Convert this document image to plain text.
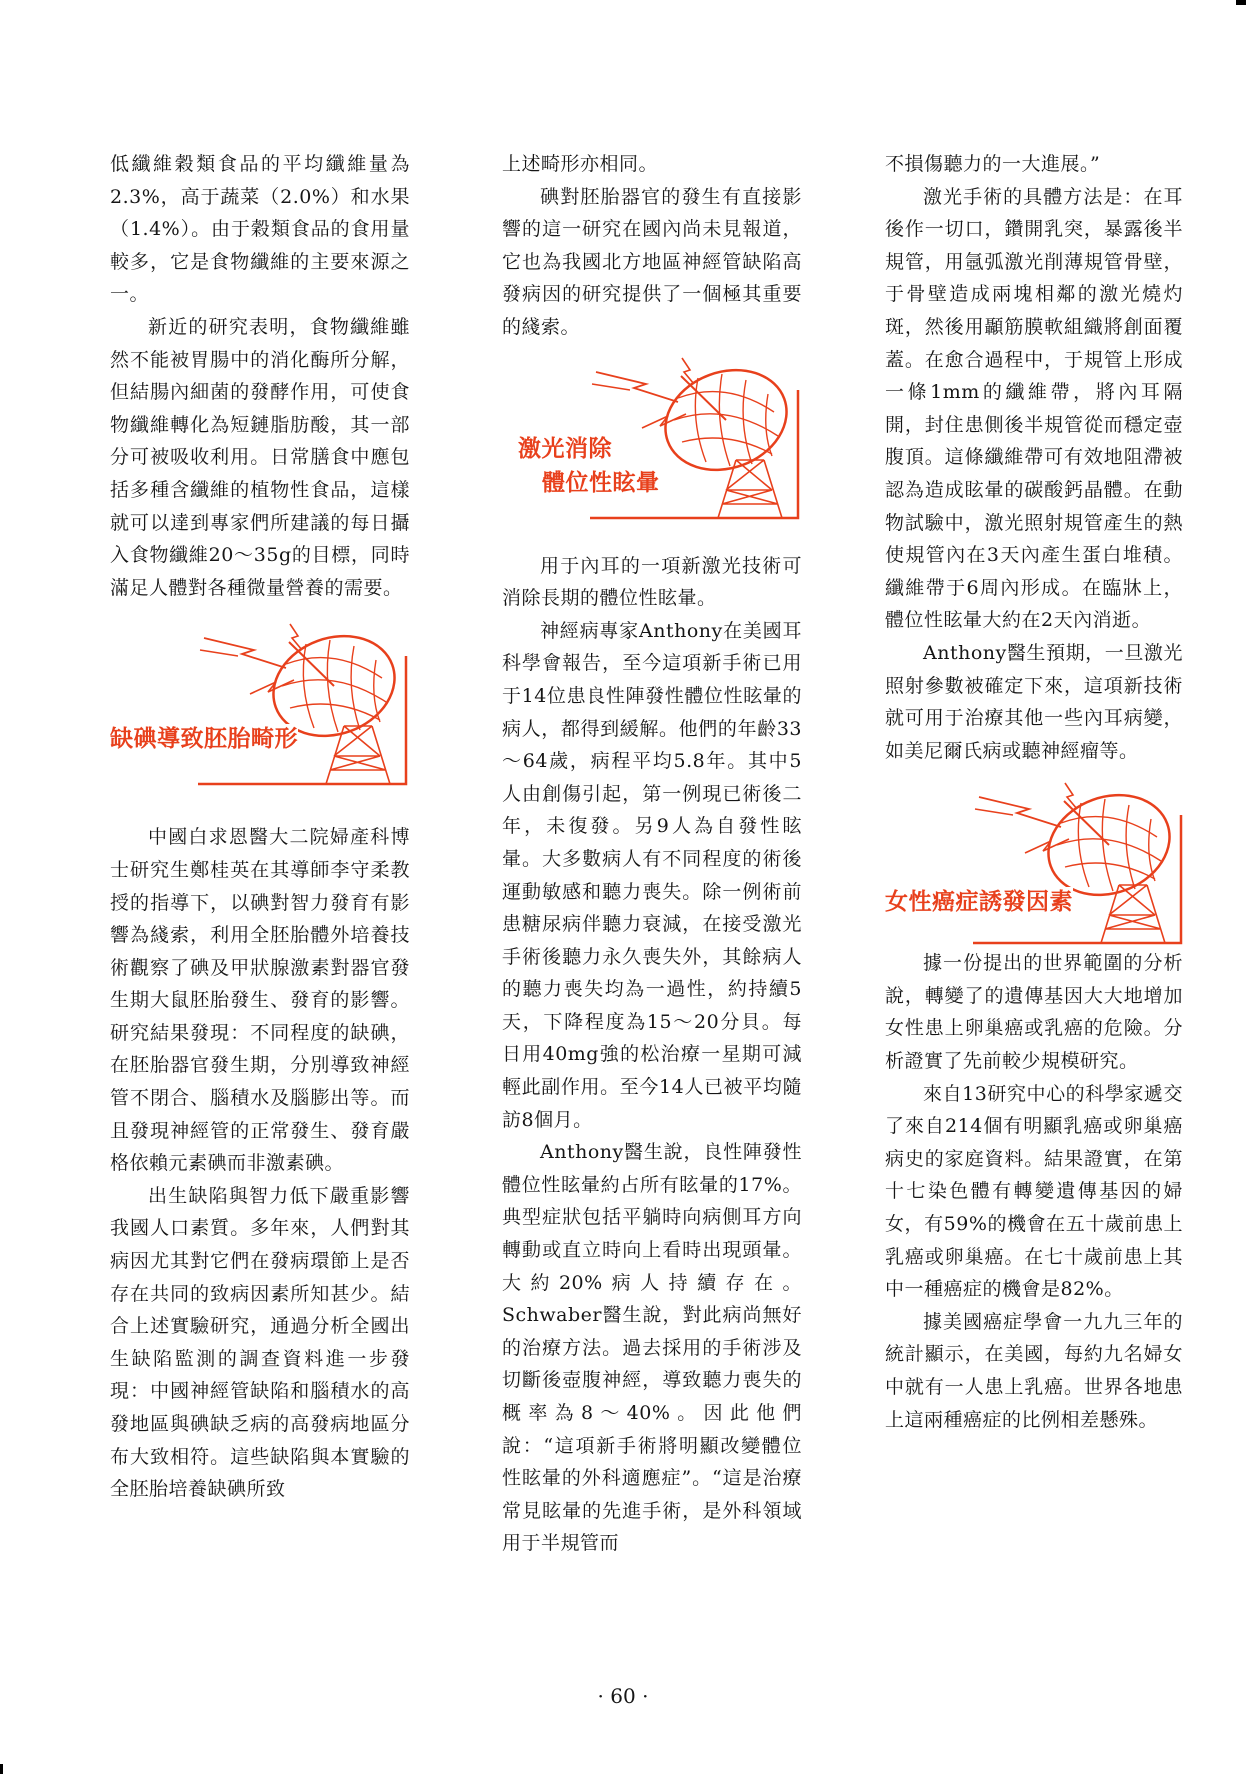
低纖維穀類食品的平均纖維量為2.3%，高于蔬菜（2.0%）和水果（1.4%）。由于穀類食品的食用量較多，它是食物纖維的主要來源之一。

新近的研究表明，食物纖維雖然不能被胃腸中的消化酶所分解，但結腸內細菌的發酵作用，可使食物纖維轉化為短鏈脂肪酸，其一部分可被吸收利用。日常膳食中應包括多種含纖維的植物性食品，這樣就可以達到專家們所建議的每日攝入食物纖維20～35g的目標，同時滿足人體對各種微量營養的需要。

缺碘導致胚胎畸形

中國白求恩醫大二院婦產科博士研究生鄭桂英在其導師李守柔教授的指導下，以碘對智力發育有影響為綫索，利用全胚胎體外培養技術觀察了碘及甲狀腺激素對器官發生期大鼠胚胎發生、發育的影響。研究結果發現：不同程度的缺碘，在胚胎器官發生期，分別導致神經管不閉合、腦積水及腦膨出等。而且發現神經管的正常發生、發育嚴格依賴元素碘而非激素碘。

出生缺陷與智力低下嚴重影響我國人口素質。多年來，人們對其病因尤其對它們在發病環節上是否存在共同的致病因素所知甚少。結合上述實驗研究，通過分析全國出生缺陷監測的調查資料進一步發現：中國神經管缺陷和腦積水的高發地區與碘缺乏病的高發病地區分布大致相符。這些缺陷與本實驗的全胚胎培養缺碘所致

上述畸形亦相同。

碘對胚胎器官的發生有直接影響的這一研究在國內尚未見報道，它也為我國北方地區神經管缺陷高發病因的研究提供了一個極其重要的綫索。

激光消除
體位性眩暈

用于內耳的一項新激光技術可消除長期的體位性眩暈。

神經病專家Anthony在美國耳科學會報告，至今這項新手術已用于14位患良性陣發性體位性眩暈的病人，都得到緩解。他們的年齡33～64歲，病程平均5.8年。其中5人由創傷引起，第一例現已術後二年，未復發。另9人為自發性眩暈。大多數病人有不同程度的術後運動敏感和聽力喪失。除一例術前患糖尿病伴聽力衰減，在接受激光手術後聽力永久喪失外，其餘病人的聽力喪失均為一過性，約持續5天，下降程度為15～20分貝。每日用40mg強的松治療一星期可減輕此副作用。至今14人已被平均隨訪8個月。

Anthony醫生說，良性陣發性體位性眩暈約占所有眩暈的17%。典型症狀包括平躺時向病側耳方向轉動或直立時向上看時出現頭暈。大約20%病人持續存在。Schwaber醫生說，對此病尚無好的治療方法。過去採用的手術涉及切斷後壺腹神經，導致聽力喪失的概率為8～40%。因此他們說：“這項新手術將明顯改變體位性眩暈的外科適應症”。“這是治療常見眩暈的先進手術，是外科領域用于半規管而

不損傷聽力的一大進展。”

激光手術的具體方法是：在耳後作一切口，鑽開乳突，暴露後半規管，用氬弧激光削薄規管骨壁，于骨壁造成兩塊相鄰的激光燒灼斑，然後用顳筋膜軟組織將創面覆蓋。在愈合過程中，于規管上形成一條1mm的纖維帶，將內耳隔開，封住患側後半規管從而穩定壺腹頂。這條纖維帶可有效地阻滯被認為造成眩暈的碳酸鈣晶體。在動物試驗中，激光照射規管產生的熱使規管內在3天內產生蛋白堆積。纖維帶于6周內形成。在臨牀上，體位性眩暈大約在2天內消逝。

Anthony醫生預期，一旦激光照射參數被確定下來，這項新技術就可用于治療其他一些內耳病變，如美尼爾氏病或聽神經瘤等。

女性癌症誘發因素

據一份提出的世界範圍的分析說，轉變了的遺傳基因大大地增加女性患上卵巢癌或乳癌的危險。分析證實了先前較少規模研究。

來自13研究中心的科學家遞交了來自214個有明顯乳癌或卵巢癌病史的家庭資料。結果證實，在第十七染色體有轉變遺傳基因的婦女，有59%的機會在五十歲前患上乳癌或卵巢癌。在七十歲前患上其中一種癌症的機會是82%。

據美國癌症學會一九九三年的統計顯示，在美國，每約九名婦女中就有一人患上乳癌。世界各地患上這兩種癌症的比例相差懸殊。

· 60 ·
